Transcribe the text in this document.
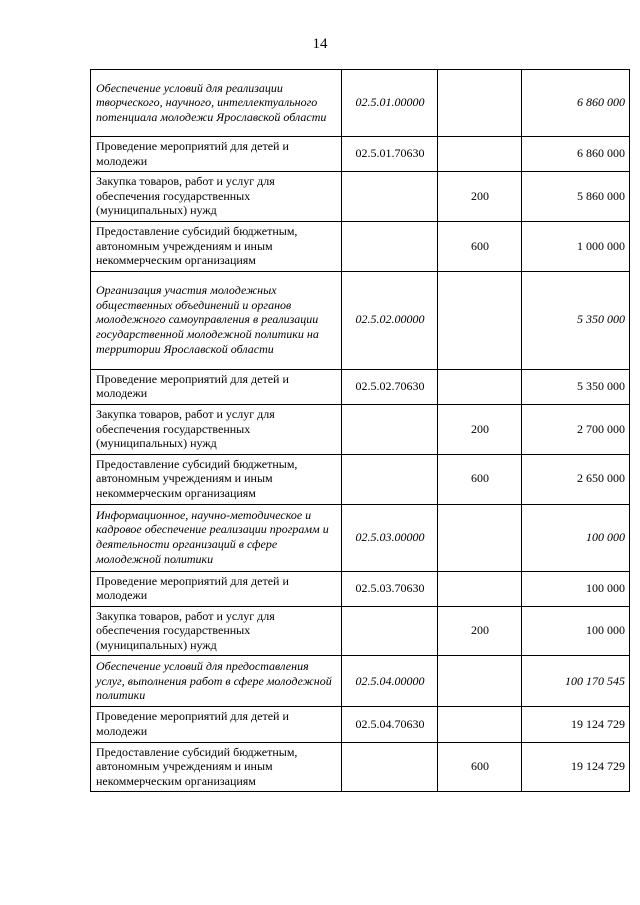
14
Обеспечение условий для реализации творческого, научного, интеллектуального потенциала молодежи Ярославской области	02.5.01.00000		6 860 000
Проведение мероприятий для детей и молодежи	02.5.01.70630		6 860 000
Закупка товаров, работ и услуг для обеспечения государственных (муниципальных) нужд		200	5 860 000
Предоставление субсидий бюджетным, автономным учреждениям и иным некоммерческим организациям		600	1 000 000
Организация участия молодежных общественных объединений и органов молодежного самоуправления в реализации государственной молодежной политики на территории Ярославской области	02.5.02.00000		5 350 000
Проведение мероприятий для детей и молодежи	02.5.02.70630		5 350 000
Закупка товаров, работ и услуг для обеспечения государственных (муниципальных) нужд		200	2 700 000
Предоставление субсидий бюджетным, автономным учреждениям и иным некоммерческим организациям		600	2 650 000
Информационное, научно-методическое и кадровое обеспечение реализации программ и деятельности организаций в сфере молодежной политики	02.5.03.00000		100 000
Проведение мероприятий для детей и молодежи	02.5.03.70630		100 000
Закупка товаров, работ и услуг для обеспечения государственных (муниципальных) нужд		200	100 000
Обеспечение условий для предоставления услуг, выполнения работ в сфере молодежной политики	02.5.04.00000		100 170 545
Проведение мероприятий для детей и молодежи	02.5.04.70630		19 124 729
Предоставление субсидий бюджетным, автономным учреждениям и иным некоммерческим организациям		600	19 124 729
